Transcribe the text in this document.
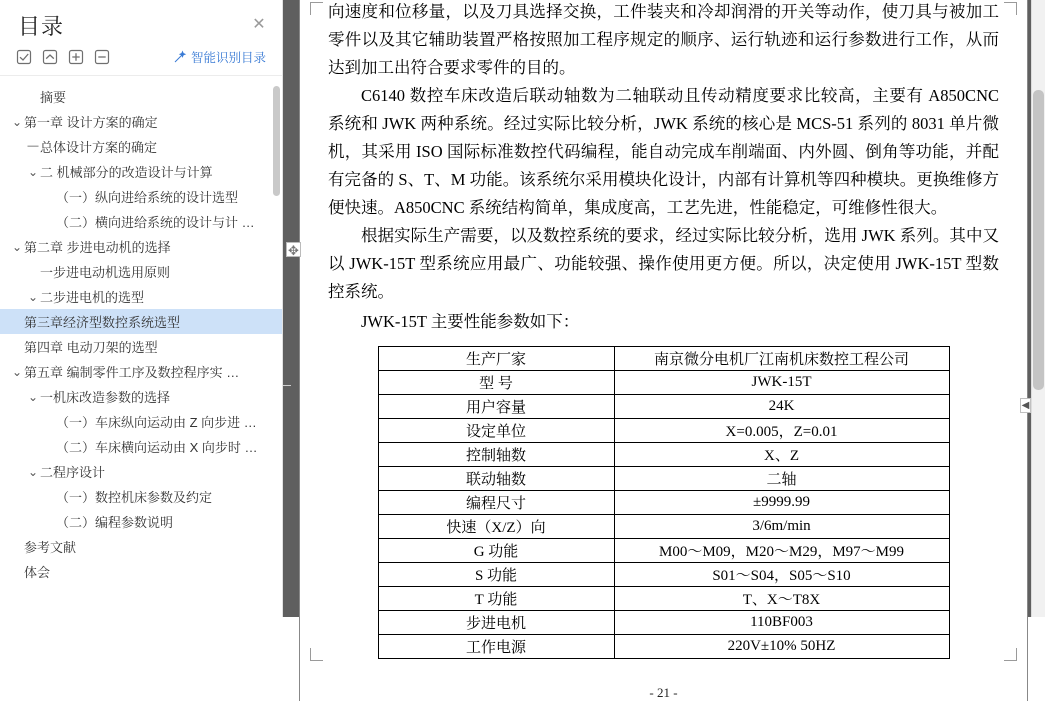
目录	✕
智能识别目录
摘要
⌄ 第一章 设计方案的确定
— 总体设计方案的确定
⌄ 二 机械部分的改造设计与计算
（一）纵向进给系统的设计选型
（二）横向进给系统的设计与计 …
⌄ 第二章 步进电动机的选择
一步进电动机选用原则
⌄ 二步进电机的选型
第三章经济型数控系统选型
第四章 电动刀架的选型
⌄ 第五章 编制零件工序及数控程序实 …
⌄ 一机床改造参数的选择
（一）车床纵向运动由 Z 向步进 …
（二）车床横向运动由 X 向步时 …
⌄ 二程序设计
（一）数控机床参数及约定
（二）编程参数说明
参考文献
体会
✥

向速度和位移量，以及刀具选择交换，工件装夹和冷却润滑的开关等动作，使刀具与被加工零件以及其它辅助装置严格按照加工程序规定的顺序、运行轨迹和运行参数进行工作，从而达到加工出符合要求零件的目的。

C6140 数控车床改造后联动轴数为二轴联动且传动精度要求比较高，主要有 A850CNC 系统和 JWK 两种系统。经过实际比较分析，JWK 系统的核心是 MCS-51 系列的 8031 单片微机，其采用 ISO 国际标准数控代码编程，能自动完成车削端面、内外圆、倒角等功能，并配有完备的 S、T、M 功能。该系统尔采用模块化设计，内部有计算机等四种模块。更换维修方便快速。A850CNC 系统结构简单，集成度高，工艺先进，性能稳定，可维修性很大。

根据实际生产需要，以及数控系统的要求，经过实际比较分析，选用 JWK 系列。其中又以 JWK-15T 型系统应用最广、功能较强、操作使用更方便。所以，决定使用 JWK-15T 型数控系统。

JWK-15T 主要性能参数如下：
生产厂家	南京微分电机厂江南机床数控工程公司
型 号	JWK-15T
用户容量	24K
设定单位	X=0.005，Z=0.01
控制轴数	X、Z
联动轴数	二轴
编程尺寸	±9999.99
快速（X/Z）向	3/6m/min
G 功能	M00～M09，M20～M29，M97～M99
S 功能	S01～S04，S05～S10
T 功能	T、X～T8X
步进电机	110BF003
工作电源	220V±10% 50HZ
- 21 -
◀
